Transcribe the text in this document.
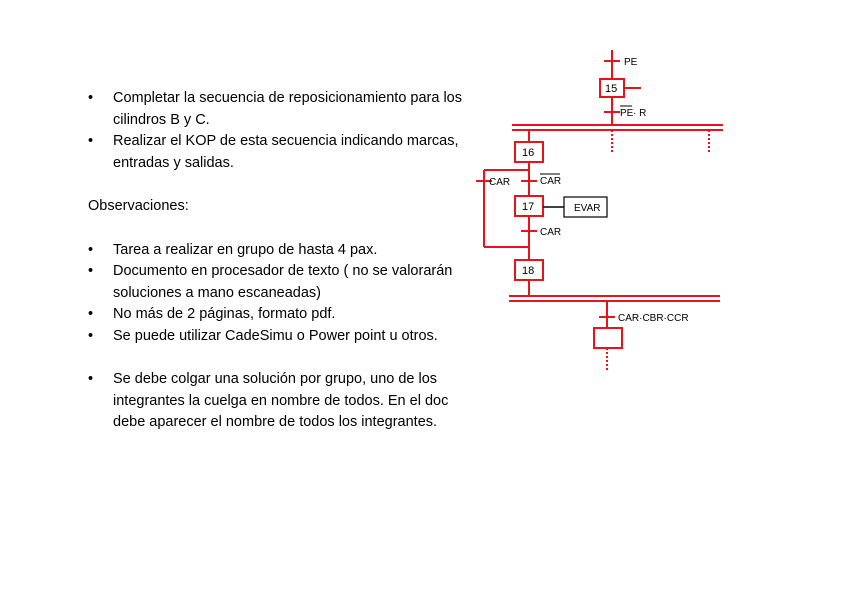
• Completar la secuencia de reposicionamiento para los cilindros B y C.
• Realizar el KOP de esta secuencia indicando marcas, entradas y salidas.

Observaciones:

• Tarea a realizar en grupo de hasta 4 pax.
• Documento en procesador de texto ( no se valorarán soluciones a mano escaneadas)
• No más de 2 páginas, formato pdf.
• Se puede utilizar CadeSimu o Power point u otros.
• Se debe colgar una solución por grupo, uno de los integrantes la cuelga en nombre de todos. En el doc debe aparecer el nombre de todos los integrantes.
EVAR
15
16
17
18
PE
PE · R
CAR	CAR
CAR
CAR·CBR·CCR
